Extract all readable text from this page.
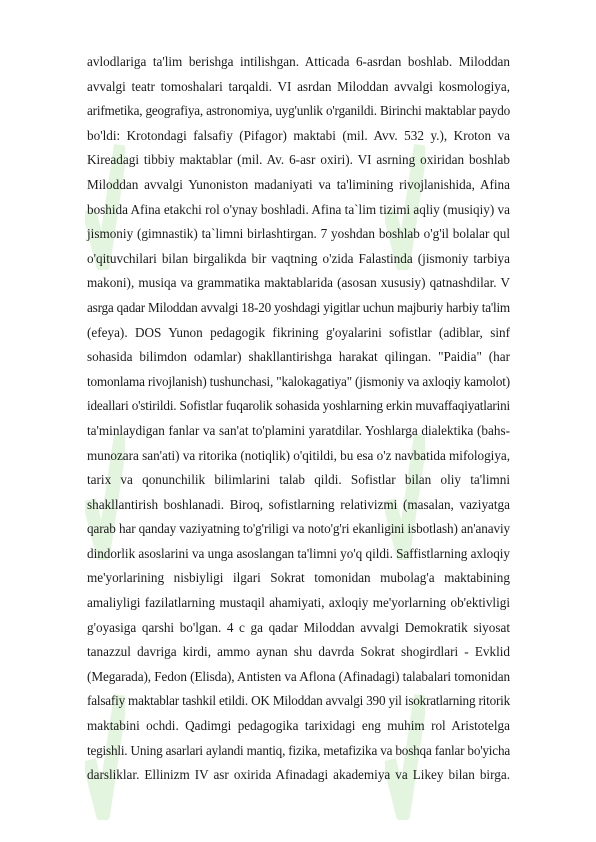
avlodlariga ta'lim berishga intilishgan. Atticada 6-asrdan boshlab. Miloddan
avvalgi teatr tomoshalari tarqaldi. VI asrdan Miloddan avvalgi kosmologiya,
arifmetika, geografiya, astronomiya, uyg'unlik o'rganildi. Birinchi maktablar paydo
bo'ldi: Krotondagi falsafiy (Pifagor) maktabi (mil. Avv. 532 y.), Kroton va
Kireadagi tibbiy maktablar (mil. Av. 6-asr oxiri). VI asrning oxiridan boshlab
Miloddan avvalgi Yunoniston madaniyati va ta'limining rivojlanishida, Afina
boshida Afina etakchi rol o'ynay boshladi. Afina ta`lim tizimi aqliy (musiqiy) va
jismoniy (gimnastik) ta`limni birlashtirgan. 7 yoshdan boshlab o'g'il bolalar qul
o'qituvchilari bilan birgalikda bir vaqtning o'zida Falastinda (jismoniy tarbiya
makoni), musiqa va grammatika maktablarida (asosan xususiy) qatnashdilar. V
asrga qadar Miloddan avvalgi 18-20 yoshdagi yigitlar uchun majburiy harbiy ta'lim
(efeya). DOS Yunon pedagogik fikrining g'oyalarini sofistlar (adiblar, sinf
sohasida bilimdon odamlar) shakllantirishga harakat qilingan. "Paidia" (har
tomonlama rivojlanish) tushunchasi, "kalokagatiya" (jismoniy va axloqiy kamolot)
ideallari o'stirildi. Sofistlar fuqarolik sohasida yoshlarning erkin muvaffaqiyatlarini
ta'minlaydigan fanlar va san'at to'plamini yaratdilar. Yoshlarga dialektika (bahs-
munozara san'ati) va ritorika (notiqlik) o'qitildi, bu esa o'z navbatida mifologiya,
tarix va qonunchilik bilimlarini talab qildi. Sofistlar bilan oliy ta'limni
shakllantirish boshlanadi. Biroq, sofistlarning relativizmi (masalan, vaziyatga
qarab har qanday vaziyatning to'g'riligi va noto'g'ri ekanligini isbotlash) an'anaviy
dindorlik asoslarini va unga asoslangan ta'limni yo'q qildi. Saffistlarning axloqiy
me'yorlarining nisbiyligi ilgari Sokrat tomonidan mubolag'a maktabining
amaliyligi fazilatlarning mustaqil ahamiyati, axloqiy me'yorlarning ob'ektivligi
g'oyasiga qarshi bo'lgan. 4 c ga qadar Miloddan avvalgi Demokratik siyosat
tanazzul davriga kirdi, ammo aynan shu davrda Sokrat shogirdlari - Evklid
(Megarada), Fedon (Elisda), Antisten va Aflona (Afinadagi) talabalari tomonidan
falsafiy maktablar tashkil etildi. OK Miloddan avvalgi 390 yil isokratlarning ritorik
maktabini ochdi. Qadimgi pedagogika tarixidagi eng muhim rol Aristotelga
tegishli. Uning asarlari aylandi mantiq, fizika, metafizika va boshqa fanlar bo'yicha
darsliklar. Ellinizm IV asr oxirida Afinadagi akademiya va Likey bilan birga.
